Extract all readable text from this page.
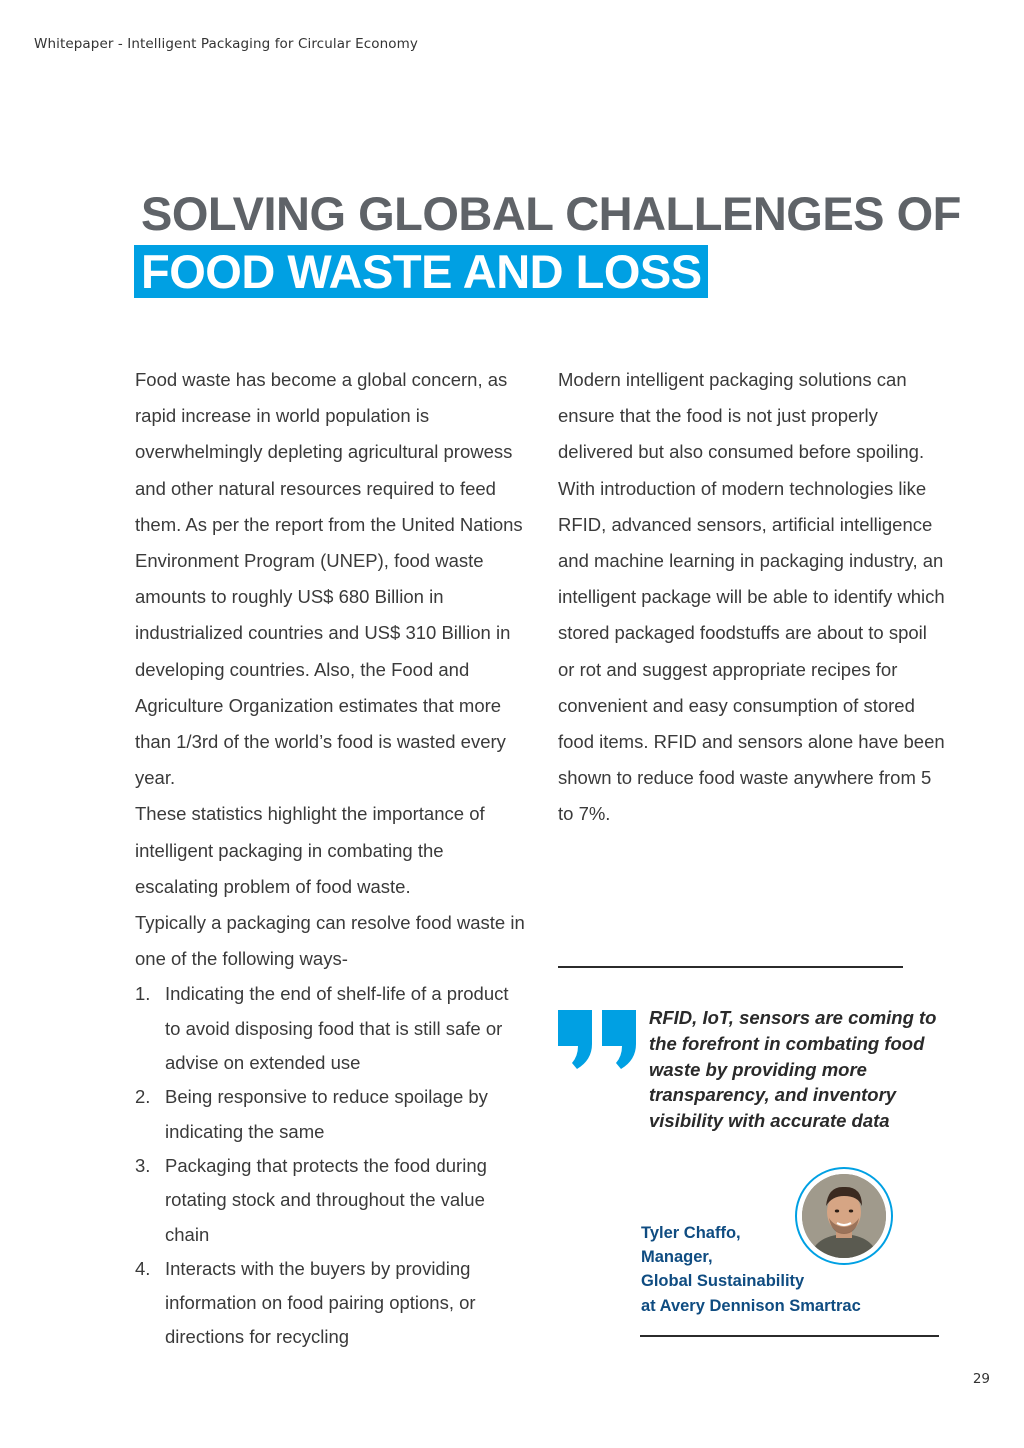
Whitepaper - Intelligent Packaging for Circular Economy
SOLVING GLOBAL CHALLENGES OF
FOOD WASTE AND LOSS

Food waste has become a global concern, as rapid increase in world population is overwhelmingly depleting agricultural prowess and other natural resources required to feed them. As per the report from the United Nations Environment Program (UNEP), food waste amounts to roughly US$ 680 Billion in industrialized countries and US$ 310 Billion in developing countries. Also, the Food and Agriculture Organization estimates that more than 1/3rd of the world’s food is wasted every year.

These statistics highlight the importance of intelligent packaging in combating the escalating problem of food waste.

Typically a packaging can resolve food waste in one of the following ways-

1. Indicating the end of shelf-life of a product to avoid disposing food that is still safe or advise on extended use
2. Being responsive to reduce spoilage by indicating the same
3. Packaging that protects the food during rotating stock and throughout the value chain
4. Interacts with the buyers by providing information on food pairing options, or directions for recycling

Modern intelligent packaging solutions can ensure that the food is not just properly delivered but also consumed before spoiling. With introduction of modern technologies like RFID, advanced sensors, artificial intelligence and machine learning in packaging industry, an intelligent package will be able to identify which stored packaged foodstuffs are about to spoil or rot and suggest appropriate recipes for convenient and easy consumption of stored food items. RFID and sensors alone have been shown to reduce food waste anywhere from 5 to 7%.

RFID, IoT, sensors are coming to the forefront in combating food waste by providing more transparency, and inventory visibility with accurate data
Tyler Chaffo,
Manager,
Global Sustainability
at Avery Dennison Smartrac
29
